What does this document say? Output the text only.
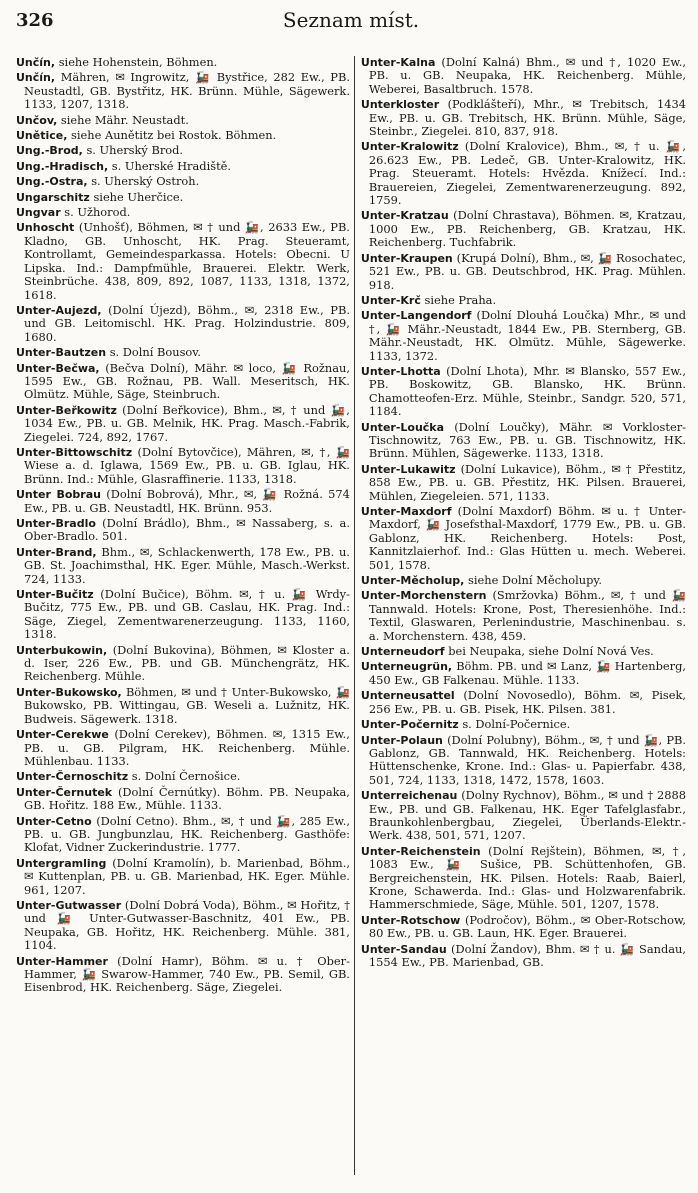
326	Seznam míst.

Unčín, siehe Hohenstein, Böhmen.

Unčín, Mähren, ✉ Ingrowitz, 🚂 Bystřice, 282 Ew., PB. Neustadtl, GB. Bystřitz, HK. Brünn. Mühle, Sägewerk. 1133, 1207, 1318.

Unčov, siehe Mähr. Neustadt.

Unětice, siehe Aunětitz bei Rostok. Böhmen.

Ung.-Brod, s. Uherský Brod.

Ung.-Hradisch, s. Uherské Hradiště.

Ung.-Ostra, s. Uherský Ostroh.

Ungarschitz siehe Uherčice.

Ungvar s. Užhorod.

Unhoscht (Unhošť), Böhmen, ✉ † und 🚂, 2633 Ew., PB. Kladno, GB. Unhoscht, HK. Prag. Steueramt, Kontrollamt, Gemeindesparkassa. Hotels: Obecni. U Lipska. Ind.: Dampfmühle, Brauerei. Elektr. Werk, Steinbrüche. 438, 809, 892, 1087, 1133, 1318, 1372, 1618.

Unter-Aujezd, (Dolní Újezd), Böhm., ✉, 2318 Ew., PB. und GB. Leitomischl. HK. Prag. Holzindustrie. 809, 1680.

Unter-Bautzen s. Dolní Bousov.

Unter-Bečwa, (Bečva Dolní), Mähr. ✉ loco, 🚂 Rožnau, 1595 Ew., GB. Rožnau, PB. Wall. Meseritsch, HK. Olmütz. Mühle, Säge, Steinbruch.

Unter-Beřkowitz (Dolní Beřkovice), Bhm., ✉, † und 🚂, 1034 Ew., PB. u. GB. Melnik, HK. Prag. Masch.-Fabrik, Ziegelei. 724, 892, 1767.

Unter-Bittowschitz (Dolní Bytovčice), Mähren, ✉, †, 🚂 Wiese a. d. Iglawa, 1569 Ew., PB. u. GB. Iglau, HK. Brünn. Ind.: Mühle, Glasraffinerie. 1133, 1318.

Unter Bobrau (Dolní Bobrová), Mhr., ✉, 🚂 Rožná. 574 Ew., PB. u. GB. Neustadtl, HK. Brünn. 953.

Unter-Bradlo (Dolní Brádlo), Bhm., ✉ Nassaberg, s. a. Ober-Bradlo. 501.

Unter-Brand, Bhm., ✉, Schlackenwerth, 178 Ew., PB. u. GB. St. Joachimsthal, HK. Eger. Mühle, Masch.-Werkst. 724, 1133.

Unter-Bučitz (Dolní Bučice), Böhm. ✉, † u. 🚂 Wrdy-Bučitz, 775 Ew., PB. und GB. Caslau, HK. Prag. Ind.: Säge, Ziegel, Zementwarenerzeugung. 1133, 1160, 1318.

Unterbukowin, (Dolní Bukovina), Böhmen, ✉ Kloster a. d. Iser, 226 Ew., PB. und GB. Münchengrätz, HK. Reichenberg. Mühle.

Unter-Bukowsko, Böhmen, ✉ und † Unter-Bukowsko, 🚂 Bukowsko, PB. Wittingau, GB. Weseli a. Lužnitz, HK. Budweis. Sägewerk. 1318.

Unter-Cerekwe (Dolní Cerekev), Böhmen. ✉, 1315 Ew., PB. u. GB. Pilgram, HK. Reichenberg. Mühle. Mühlenbau. 1133.

Unter-Černoschitz s. Dolní Černošice.

Unter-Černutek (Dolní Černútky). Böhm. PB. Neupaka, GB. Hořitz. 188 Ew., Mühle. 1133.

Unter-Cetno (Dolní Cetno). Bhm., ✉, † und 🚂, 285 Ew., PB. u. GB. Jungbunzlau, HK. Reichenberg. Gasthöfe: Klofat, Vidner Zuckerindustrie. 1777.

Untergramling (Dolní Kramolín), b. Marienbad, Böhm., ✉ Kuttenplan, PB. u. GB. Marienbad, HK. Eger. Mühle. 961, 1207.

Unter-Gutwasser (Dolní Dobrá Voda), Böhm., ✉ Hořitz, † und 🚂 Unter-Gutwasser-Baschnitz, 401 Ew., PB. Neupaka, GB. Hořitz, HK. Reichenberg. Mühle. 381, 1104.

Unter-Hammer (Dolní Hamr), Böhm. ✉ u. † Ober-Hammer, 🚂 Swarow-Hammer, 740 Ew., PB. Semil, GB. Eisenbrod, HK. Reichenberg. Säge, Ziegelei.

Unter-Kalna (Dolní Kalná) Bhm., ✉ und †, 1020 Ew., PB. u. GB. Neupaka, HK. Reichenberg. Mühle, Weberei, Basaltbruch. 1578.

Unterkloster (Podklášteří), Mhr., ✉ Trebitsch, 1434 Ew., PB. u. GB. Trebitsch, HK. Brünn. Mühle, Säge, Steinbr., Ziegelei. 810, 837, 918.

Unter-Kralowitz (Dolní Kralovice), Bhm., ✉, † u. 🚂, 26.623 Ew., PB. Ledeč, GB. Unter-Kralowitz, HK. Prag. Steueramt. Hotels: Hvězda. Knížecí. Ind.: Brauereien, Ziegelei, Zementwarenerzeugung. 892, 1759.

Unter-Kratzau (Dolní Chrastava), Böhmen. ✉, Kratzau, 1000 Ew., PB. Reichenberg, GB. Kratzau, HK. Reichenberg. Tuchfabrik.

Unter-Kraupen (Krupá Dolní), Bhm., ✉, 🚂 Rosochatec, 521 Ew., PB. u. GB. Deutschbrod, HK. Prag. Mühlen. 918.

Unter-Krč siehe Praha.

Unter-Langendorf (Dolní Dlouhá Loučka) Mhr., ✉ und †, 🚂 Mähr.-Neustadt, 1844 Ew., PB. Sternberg, GB. Mähr.-Neustadt, HK. Olmütz. Mühle, Sägewerke. 1133, 1372.

Unter-Lhotta (Dolní Lhota), Mhr. ✉ Blansko, 557 Ew., PB. Boskowitz, GB. Blansko, HK. Brünn. Chamotteofen-Erz. Mühle, Steinbr., Sandgr. 520, 571, 1184.

Unter-Loučka (Dolní Loučky), Mähr. ✉ Vorkloster-Tischnowitz, 763 Ew., PB. u. GB. Tischnowitz, HK. Brünn. Mühlen, Sägewerke. 1133, 1318.

Unter-Lukawitz (Dolní Lukavice), Böhm., ✉ † Přestitz, 858 Ew., PB. u. GB. Přestitz, HK. Pilsen. Brauerei, Mühlen, Ziegeleien. 571, 1133.

Unter-Maxdorf (Dolní Maxdorf) Böhm. ✉ u. † Unter-Maxdorf, 🚂 Josefsthal-Maxdorf, 1779 Ew., PB. u. GB. Gablonz, HK. Reichenberg. Hotels: Post, Kannitzlaierhof. Ind.: Glas Hütten u. mech. Weberei. 501, 1578.

Unter-Měcholup, siehe Dolní Měcholupy.

Unter-Morchenstern (Smržovka) Böhm., ✉, † und 🚂 Tannwald. Hotels: Krone, Post, Theresienhöhe. Ind.: Textil, Glaswaren, Perlenindustrie, Maschinenbau. s. a. Morchenstern. 438, 459.

Unterneudorf bei Neupaka, siehe Dolní Nová Ves.

Unterneugrün, Böhm. PB. und ✉ Lanz, 🚂 Hartenberg, 450 Ew., GB Falkenau. Mühle. 1133.

Unterneusattel (Dolní Novosedlo), Böhm. ✉, Pisek, 256 Ew., PB. u. GB. Pisek, HK. Pilsen. 381.

Unter-Počernitz s. Dolní-Počernice.

Unter-Polaun (Dolní Polubny), Böhm., ✉, † und 🚂, PB. Gablonz, GB. Tannwald, HK. Reichenberg. Hotels: Hüttenschenke, Krone. Ind.: Glas- u. Papierfabr. 438, 501, 724, 1133, 1318, 1472, 1578, 1603.

Unterreichenau (Dolny Rychnov), Böhm., ✉ und † 2888 Ew., PB. und GB. Falkenau, HK. Eger Tafelglasfabr., Braunkohlenbergbau, Ziegelei, Überlands-Elektr.-Werk. 438, 501, 571, 1207.

Unter-Reichenstein (Dolní Rejštein), Böhmen, ✉, †, 1083 Ew., 🚂 Sušice, PB. Schüttenhofen, GB. Bergreichenstein, HK. Pilsen. Hotels: Raab, Baierl, Krone, Schawerda. Ind.: Glas- und Holzwarenfabrik. Hammerschmiede, Säge, Mühle. 501, 1207, 1578.

Unter-Rotschow (Področov), Böhm., ✉ Ober-Rotschow, 80 Ew., PB. u. GB. Laun, HK. Eger. Brauerei.

Unter-Sandau (Dolní Žandov), Bhm. ✉ † u. 🚂 Sandau, 1554 Ew., PB. Marienbad, GB.
